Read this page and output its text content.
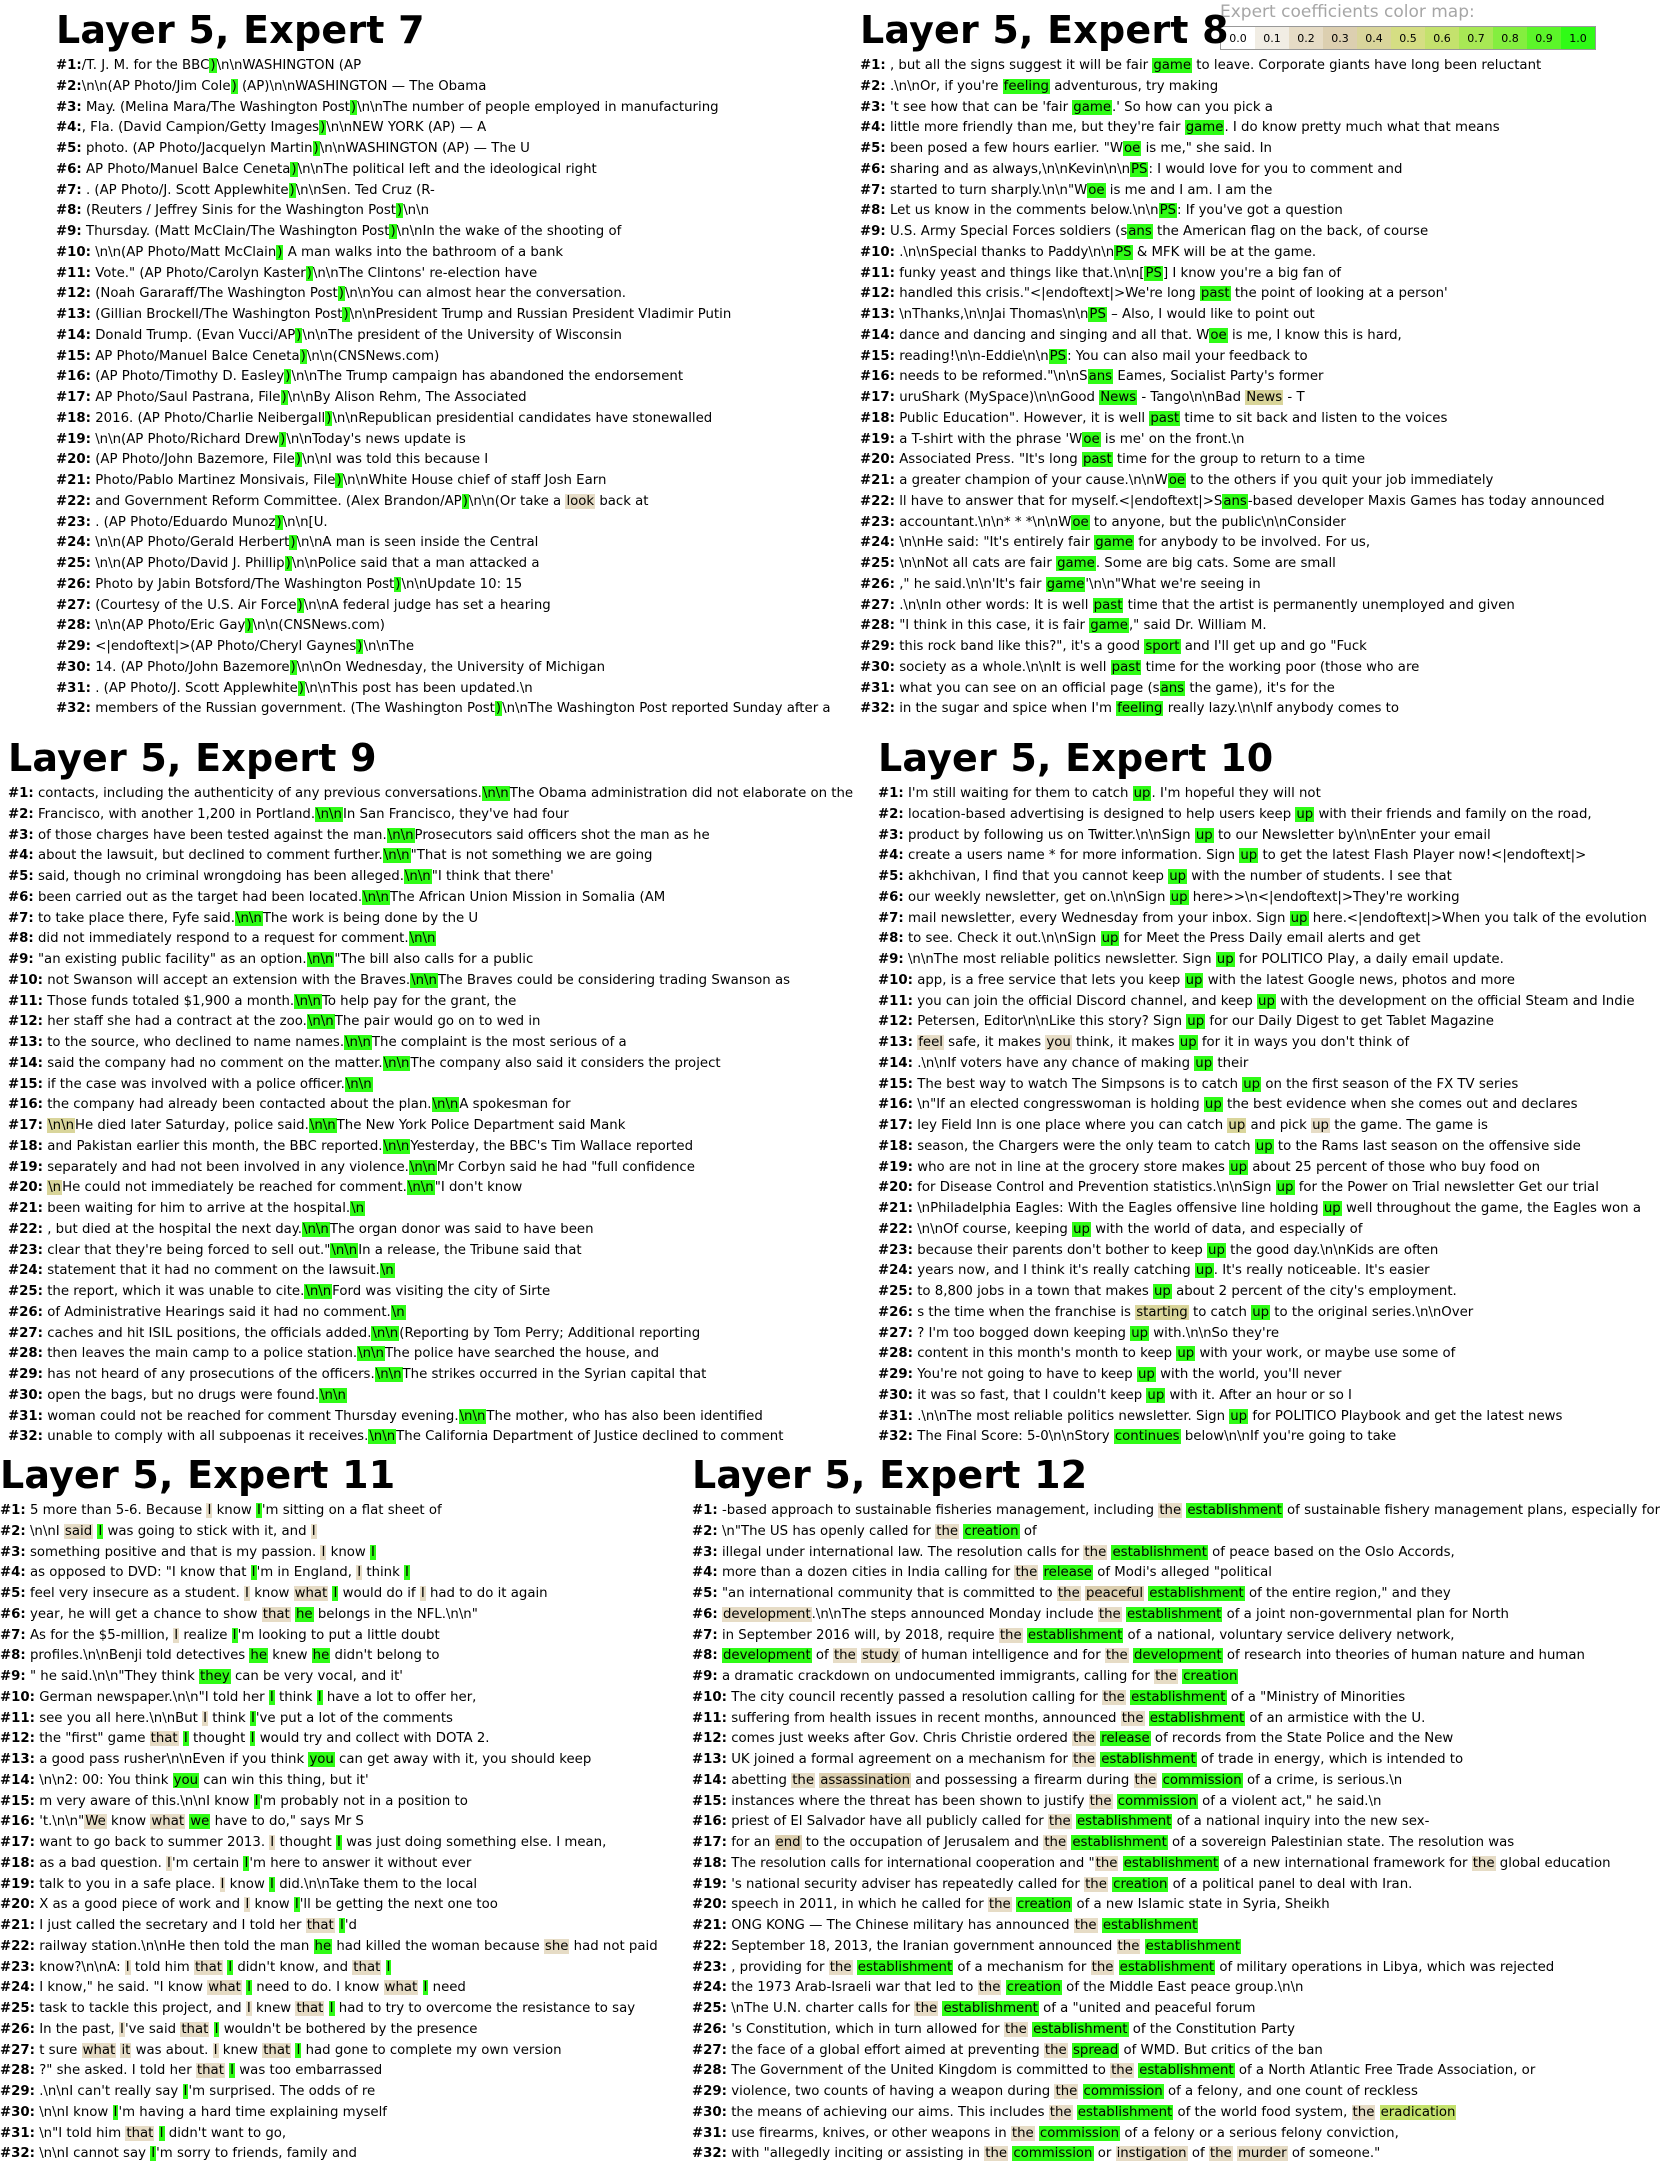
Expert coefficients color map:
0.0	0.1	0.2	0.3	0.4	0.5	0.6	0.7	0.8	0.9	1.0
Layer 5, Expert 7
#1:/T. J. M. for the BBC)\n\nWASHINGTON (AP
#2:\n\n(AP Photo/Jim Cole) (AP)\n\nWASHINGTON — The Obama
#3: May. (Melina Mara/The Washington Post)\n\nThe number of people employed in manufacturing
#4:, Fla. (David Campion/Getty Images)\n\nNEW YORK (AP) — A
#5: photo. (AP Photo/Jacquelyn Martin)\n\nWASHINGTON (AP) — The U
#6: AP Photo/Manuel Balce Ceneta)\n\nThe political left and the ideological right
#7: . (AP Photo/J. Scott Applewhite)\n\nSen. Ted Cruz (R-
#8: (Reuters / Jeffrey Sinis for the Washington Post)\n\n
#9: Thursday. (Matt McClain/The Washington Post)\n\nIn the wake of the shooting of
#10: \n\n(AP Photo/Matt McClain) A man walks into the bathroom of a bank
#11: Vote." (AP Photo/Carolyn Kaster)\n\nThe Clintons' re-election have
#12: (Noah Gararaff/The Washington Post)\n\nYou can almost hear the conversation.
#13: (Gillian Brockell/The Washington Post)\n\nPresident Trump and Russian President Vladimir Putin
#14: Donald Trump. (Evan Vucci/AP)\n\nThe president of the University of Wisconsin
#15: AP Photo/Manuel Balce Ceneta)\n\n(CNSNews.com)
#16: (AP Photo/Timothy D. Easley)\n\nThe Trump campaign has abandoned the endorsement
#17: AP Photo/Saul Pastrana, File)\n\nBy Alison Rehm, The Associated
#18: 2016. (AP Photo/Charlie Neibergall)\n\nRepublican presidential candidates have stonewalled
#19: \n\n(AP Photo/Richard Drew)\n\nToday's news update is
#20: (AP Photo/John Bazemore, File)\n\nI was told this because I
#21: Photo/Pablo Martinez Monsivais, File)\n\nWhite House chief of staff Josh Earn
#22: and Government Reform Committee. (Alex Brandon/AP)\n\n(Or take a look back at
#23: . (AP Photo/Eduardo Munoz)\n\n[U.
#24: \n\n(AP Photo/Gerald Herbert)\n\nA man is seen inside the Central
#25: \n\n(AP Photo/David J. Phillip)\n\nPolice said that a man attacked a
#26: Photo by Jabin Botsford/The Washington Post)\n\nUpdate 10: 15
#27: (Courtesy of the U.S. Air Force)\n\nA federal judge has set a hearing
#28: \n\n(AP Photo/Eric Gay)\n\n(CNSNews.com)
#29: <|endoftext|>(AP Photo/Cheryl Gaynes)\n\nThe
#30: 14. (AP Photo/John Bazemore)\n\nOn Wednesday, the University of Michigan
#31: . (AP Photo/J. Scott Applewhite)\n\nThis post has been updated.\n
#32: members of the Russian government. (The Washington Post)\n\nThe Washington Post reported Sunday after a
Layer 5, Expert 8
#1: , but all the signs suggest it will be fair game to leave. Corporate giants have long been reluctant
#2: .\n\nOr, if you're feeling adventurous, try making
#3: 't see how that can be 'fair game.' So how can you pick a
#4: little more friendly than me, but they're fair game. I do know pretty much what that means
#5: been posed a few hours earlier. "Woe is me," she said. In
#6: sharing and as always,\n\nKevin\n\nPS: I would love for you to comment and
#7: started to turn sharply.\n\n"Woe is me and I am. I am the
#8: Let us know in the comments below.\n\nPS: If you've got a question
#9: U.S. Army Special Forces soldiers (sans the American flag on the back, of course
#10: .\n\nSpecial thanks to Paddy\n\nPS & MFK will be at the game.
#11: funky yeast and things like that.\n\n[PS] I know you're a big fan of
#12: handled this crisis."<|endoftext|>We're long past the point of looking at a person'
#13: \nThanks,\n\nJai Thomas\n\nPS – Also, I would like to point out
#14: dance and dancing and singing and all that. Woe is me, I know this is hard,
#15: reading!\n\n-Eddie\n\nPS: You can also mail your feedback to
#16: needs to be reformed."\n\nSans Eames, Socialist Party's former
#17: uruShark (MySpace)\n\nGood News - Tango\n\nBad News - T
#18: Public Education". However, it is well past time to sit back and listen to the voices
#19: a T-shirt with the phrase 'Woe is me' on the front.\n
#20: Associated Press. "It's long past time for the group to return to a time
#21: a greater champion of your cause.\n\nWoe to the others if you quit your job immediately
#22: ll have to answer that for myself.<|endoftext|>Sans-based developer Maxis Games has today announced
#23: accountant.\n\n* * *\n\nWoe to anyone, but the public\n\nConsider
#24: \n\nHe said: "It's entirely fair game for anybody to be involved. For us,
#25: \n\nNot all cats are fair game. Some are big cats. Some are small
#26: ," he said.\n\n'It's fair game'\n\n"What we're seeing in
#27: .\n\nIn other words: It is well past time that the artist is permanently unemployed and given
#28: "I think in this case, it is fair game," said Dr. William M.
#29: this rock band like this?", it's a good sport and I'll get up and go "Fuck
#30: society as a whole.\n\nIt is well past time for the working poor (those who are
#31: what you can see on an official page (sans the game), it's for the
#32: in the sugar and spice when I'm feeling really lazy.\n\nIf anybody comes to
Layer 5, Expert 9
#1: contacts, including the authenticity of any previous conversations.\n\nThe Obama administration did not elaborate on the
#2: Francisco, with another 1,200 in Portland.\n\nIn San Francisco, they've had four
#3: of those charges have been tested against the man.\n\nProsecutors said officers shot the man as he
#4: about the lawsuit, but declined to comment further.\n\n"That is not something we are going
#5: said, though no criminal wrongdoing has been alleged.\n\n"I think that there'
#6: been carried out as the target had been located.\n\nThe African Union Mission in Somalia (AM
#7: to take place there, Fyfe said.\n\nThe work is being done by the U
#8: did not immediately respond to a request for comment.\n\n
#9: "an existing public facility" as an option.\n\n"The bill also calls for a public
#10: not Swanson will accept an extension with the Braves.\n\nThe Braves could be considering trading Swanson as
#11: Those funds totaled $1,900 a month.\n\nTo help pay for the grant, the
#12: her staff she had a contract at the zoo.\n\nThe pair would go on to wed in
#13: to the source, who declined to name names.\n\nThe complaint is the most serious of a
#14: said the company had no comment on the matter.\n\nThe company also said it considers the project
#15: if the case was involved with a police officer.\n\n
#16: the company had already been contacted about the plan.\n\nA spokesman for
#17: \n\nHe died later Saturday, police said.\n\nThe New York Police Department said Mank
#18: and Pakistan earlier this month, the BBC reported.\n\nYesterday, the BBC's Tim Wallace reported
#19: separately and had not been involved in any violence.\n\nMr Corbyn said he had "full confidence
#20: \nHe could not immediately be reached for comment.\n\n"I don't know
#21: been waiting for him to arrive at the hospital.\n
#22: , but died at the hospital the next day.\n\nThe organ donor was said to have been
#23: clear that they're being forced to sell out."\n\nIn a release, the Tribune said that
#24: statement that it had no comment on the lawsuit.\n
#25: the report, which it was unable to cite.\n\nFord was visiting the city of Sirte
#26: of Administrative Hearings said it had no comment.\n
#27: caches and hit ISIL positions, the officials added.\n\n(Reporting by Tom Perry; Additional reporting
#28: then leaves the main camp to a police station.\n\nThe police have searched the house, and
#29: has not heard of any prosecutions of the officers.\n\nThe strikes occurred in the Syrian capital that
#30: open the bags, but no drugs were found.\n\n
#31: woman could not be reached for comment Thursday evening.\n\nThe mother, who has also been identified
#32: unable to comply with all subpoenas it receives.\n\nThe California Department of Justice declined to comment
Layer 5, Expert 10
#1: I'm still waiting for them to catch up. I'm hopeful they will not
#2: location-based advertising is designed to help users keep up with their friends and family on the road,
#3: product by following us on Twitter.\n\nSign up to our Newsletter by\n\nEnter your email
#4: create a users name * for more information. Sign up to get the latest Flash Player now!<|endoftext|>
#5: akhchivan, I find that you cannot keep up with the number of students. I see that
#6: our weekly newsletter, get on.\n\nSign up here>>\n<|endoftext|>They're working
#7: mail newsletter, every Wednesday from your inbox. Sign up here.<|endoftext|>When you talk of the evolution
#8: to see. Check it out.\n\nSign up for Meet the Press Daily email alerts and get
#9: \n\nThe most reliable politics newsletter. Sign up for POLITICO Play, a daily email update.
#10: app, is a free service that lets you keep up with the latest Google news, photos and more
#11: you can join the official Discord channel, and keep up with the development on the official Steam and Indie
#12: Petersen, Editor\n\nLike this story? Sign up for our Daily Digest to get Tablet Magazine
#13: feel safe, it makes you think, it makes up for it in ways you don't think of
#14: .\n\nIf voters have any chance of making up their
#15: The best way to watch The Simpsons is to catch up on the first season of the FX TV series
#16: \n"If an elected congresswoman is holding up the best evidence when she comes out and declares
#17: ley Field Inn is one place where you can catch up and pick up the game. The game is
#18: season, the Chargers were the only team to catch up to the Rams last season on the offensive side
#19: who are not in line at the grocery store makes up about 25 percent of those who buy food on
#20: for Disease Control and Prevention statistics.\n\nSign up for the Power on Trial newsletter Get our trial
#21: \nPhiladelphia Eagles: With the Eagles offensive line holding up well throughout the game, the Eagles won a
#22: \n\nOf course, keeping up with the world of data, and especially of
#23: because their parents don't bother to keep up the good day.\n\nKids are often
#24: years now, and I think it's really catching up. It's really noticeable. It's easier
#25: to 8,800 jobs in a town that makes up about 2 percent of the city's employment.
#26: s the time when the franchise is starting to catch up to the original series.\n\nOver
#27: ? I'm too bogged down keeping up with.\n\nSo they're
#28: content in this month's month to keep up with your work, or maybe use some of
#29: You're not going to have to keep up with the world, you'll never
#30: it was so fast, that I couldn't keep up with it. After an hour or so I
#31: .\n\nThe most reliable politics newsletter. Sign up for POLITICO Playbook and get the latest news
#32: The Final Score: 5-0\n\nStory continues below\n\nIf you're going to take
Layer 5, Expert 11
#1: 5 more than 5-6. Because I know I'm sitting on a flat sheet of
#2: \n\nI said I was going to stick with it, and I
#3: something positive and that is my passion. I know I
#4: as opposed to DVD: "I know that I'm in England, I think I
#5: feel very insecure as a student. I know what I would do if I had to do it again
#6: year, he will get a chance to show that he belongs in the NFL.\n\n"
#7: As for the $5-million, I realize I'm looking to put a little doubt
#8: profiles.\n\nBenji told detectives he knew he didn't belong to
#9: " he said.\n\n"They think they can be very vocal, and it'
#10: German newspaper.\n\n"I told her I think I have a lot to offer her,
#11: see you all here.\n\nBut I think I've put a lot of the comments
#12: the "first" game that I thought I would try and collect with DOTA 2.
#13: a good pass rusher\n\nEven if you think you can get away with it, you should keep
#14: \n\n2: 00: You think you can win this thing, but it'
#15: m very aware of this.\n\nI know I'm probably not in a position to
#16: 't.\n\n"We know what we have to do," says Mr S
#17: want to go back to summer 2013. I thought I was just doing something else. I mean,
#18: as a bad question. I'm certain I'm here to answer it without ever
#19: talk to you in a safe place. I know I did.\n\nTake them to the local
#20: X as a good piece of work and I know I'll be getting the next one too
#21: I just called the secretary and I told her that I'd
#22: railway station.\n\nHe then told the man he had killed the woman because she had not paid
#23: know?\n\nA: I told him that I didn't know, and that I
#24: I know," he said. "I know what I need to do. I know what I need
#25: task to tackle this project, and I knew that I had to try to overcome the resistance to say
#26: In the past, I've said that I wouldn't be bothered by the presence
#27: t sure what it was about. I knew that I had gone to complete my own version
#28: ?" she asked. I told her that I was too embarrassed
#29: .\n\nI can't really say I'm surprised. The odds of re
#30: \n\nI know I'm having a hard time explaining myself
#31: \n"I told him that I didn't want to go,
#32: \n\nI cannot say I'm sorry to friends, family and
Layer 5, Expert 12
#1: -based approach to sustainable fisheries management, including the establishment of sustainable fishery management plans, especially for
#2: \n"The US has openly called for the creation of
#3: illegal under international law. The resolution calls for the establishment of peace based on the Oslo Accords,
#4: more than a dozen cities in India calling for the release of Modi's alleged "political
#5: "an international community that is committed to the peaceful establishment of the entire region," and they
#6: development.\n\nThe steps announced Monday include the establishment of a joint non-governmental plan for North
#7: in September 2016 will, by 2018, require the establishment of a national, voluntary service delivery network,
#8: development of the study of human intelligence and for the development of research into theories of human nature and human
#9: a dramatic crackdown on undocumented immigrants, calling for the creation
#10: The city council recently passed a resolution calling for the establishment of a "Ministry of Minorities
#11: suffering from health issues in recent months, announced the establishment of an armistice with the U.
#12: comes just weeks after Gov. Chris Christie ordered the release of records from the State Police and the New
#13: UK joined a formal agreement on a mechanism for the establishment of trade in energy, which is intended to
#14: abetting the assassination and possessing a firearm during the commission of a crime, is serious.\n
#15: instances where the threat has been shown to justify the commission of a violent act," he said.\n
#16: priest of El Salvador have all publicly called for the establishment of a national inquiry into the new sex-
#17: for an end to the occupation of Jerusalem and the establishment of a sovereign Palestinian state. The resolution was
#18: The resolution calls for international cooperation and "the establishment of a new international framework for the global education
#19: 's national security adviser has repeatedly called for the creation of a political panel to deal with Iran.
#20: speech in 2011, in which he called for the creation of a new Islamic state in Syria, Sheikh
#21: ONG KONG — The Chinese military has announced the establishment
#22: September 18, 2013, the Iranian government announced the establishment
#23: , providing for the establishment of a mechanism for the establishment of military operations in Libya, which was rejected
#24: the 1973 Arab-Israeli war that led to the creation of the Middle East peace group.\n\n
#25: \nThe U.N. charter calls for the establishment of a "united and peaceful forum
#26: 's Constitution, which in turn allowed for the establishment of the Constitution Party
#27: the face of a global effort aimed at preventing the spread of WMD. But critics of the ban
#28: The Government of the United Kingdom is committed to the establishment of a North Atlantic Free Trade Association, or
#29: violence, two counts of having a weapon during the commission of a felony, and one count of reckless
#30: the means of achieving our aims. This includes the establishment of the world food system, the eradication
#31: use firearms, knives, or other weapons in the commission of a felony or a serious felony conviction,
#32: with "allegedly inciting or assisting in the commission or instigation of the murder of someone."
